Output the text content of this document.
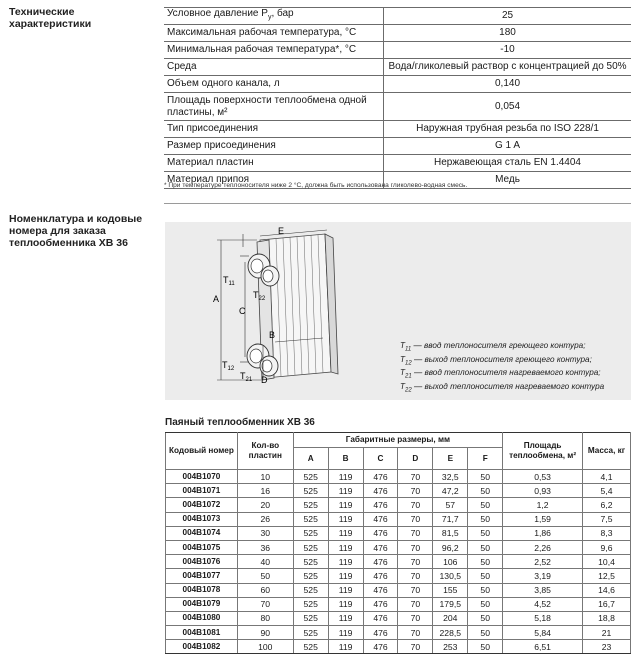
Технические
характеристики
Условное давление $P_у$, бар	25
Максимальная рабочая температура, °C	180
Минимальная рабочая температура*, °C	-10
Среда	Вода/гликолевый раствор с концентрацией до 50%
Объем одного канала, л	0,140
Площадь поверхности теплообмена одной пластины, м²	0,054
Тип присоединения	Наружная трубная резьба по ISO 228/1
Размер присоединения	G 1 A
Материал пластин	Нержавеющая сталь EN 1.4404
Материал припоя	Медь
* При температуре теплоносителя ниже 2 °C, должна быть использована гликолево-водная смесь.
Номенклатура и кодовые
номера для заказа
теплообменника XB 36
A
C
B
D
E
$T_{11}$
$T_{22}$
$T_{12}$
$T_{21}$
$T_{11}$ — ввод теплоносителя греющего контура;
$T_{12}$ — выход теплоносителя греющего контура;
$T_{21}$ — ввод теплоносителя нагреваемого контура;
$T_{22}$ — выход теплоносителя нагреваемого контура
Паяный теплообменник XB 36
Кодовый номер	Кол-во пластин	Габаритные размеры, мм						Площадь теплообмена, м²	Масса, кг
		A	B	C	D	E	F		
004B1070	10	525	119	476	70	32,5	50	0,53	4,1
004B1071	16	525	119	476	70	47,2	50	0,93	5,4
004B1072	20	525	119	476	70	57	50	1,2	6,2
004B1073	26	525	119	476	70	71,7	50	1,59	7,5
004B1074	30	525	119	476	70	81,5	50	1,86	8,3
004B1075	36	525	119	476	70	96,2	50	2,26	9,6
004B1076	40	525	119	476	70	106	50	2,52	10,4
004B1077	50	525	119	476	70	130,5	50	3,19	12,5
004B1078	60	525	119	476	70	155	50	3,85	14,6
004B1079	70	525	119	476	70	179,5	50	4,52	16,7
004B1080	80	525	119	476	70	204	50	5,18	18,8
004B1081	90	525	119	476	70	228,5	50	5,84	21
004B1082	100	525	119	476	70	253	50	6,51	23
